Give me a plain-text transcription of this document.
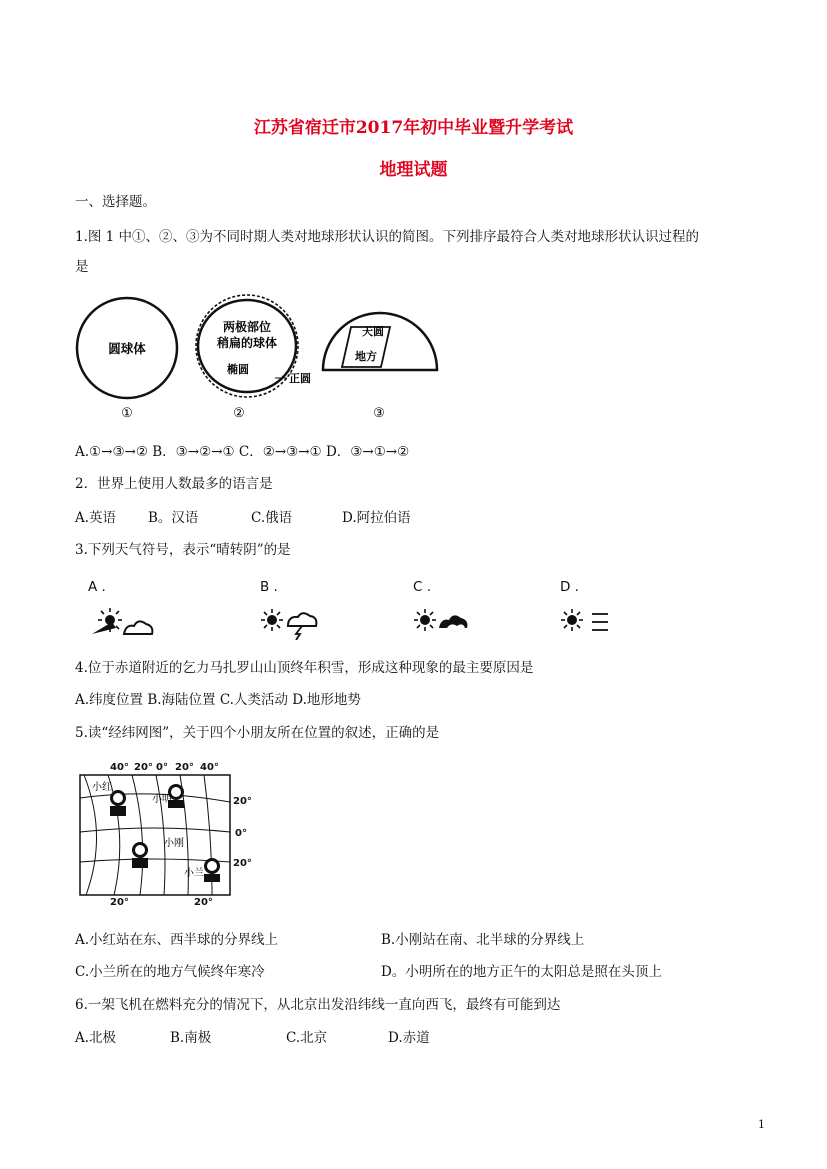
江苏省宿迁市2017年初中毕业暨升学考试
地理试题
一、选择题。
1.图 1 中①、②、③为不同时期人类对地球形状认识的简图。下列排序最符合人类对地球形状认识过程的
是
圆球体
两极部位
稍扁的球体
椭圆
正圆
天圆
地方
①	②	③
A.①→③→② B．③→②→① C．②→③→① D．③→①→②
2．世界上使用人数最多的语言是
A.英语 B。汉语	C.俄语	D.阿拉伯语
3.下列天气符号，表示“晴转阴”的是
A .	B .	C .	D .
4.位于赤道附近的乞力马扎罗山山顶终年积雪，形成这种现象的最主要原因是
A.纬度位置 B.海陆位置 C.人类活动 D.地形地势
5.读“经纬网图”，关于四个小朋友所在位置的叙述，正确的是
40° 20° 0° 20° 40°
20°
0°
20°
20°	20°
小红
小明
小刚
小兰
A.小红站在东、西半球的分界线上	B.小刚站在南、北半球的分界线上
C.小兰所在的地方气候终年寒冷	D。小明所在的地方正午的太阳总是照在头顶上
6.一架飞机在燃料充分的情况下，从北京出发沿纬线一直向西飞，最终有可能到达
A.北极	B.南极	C.北京	D.赤道
1
